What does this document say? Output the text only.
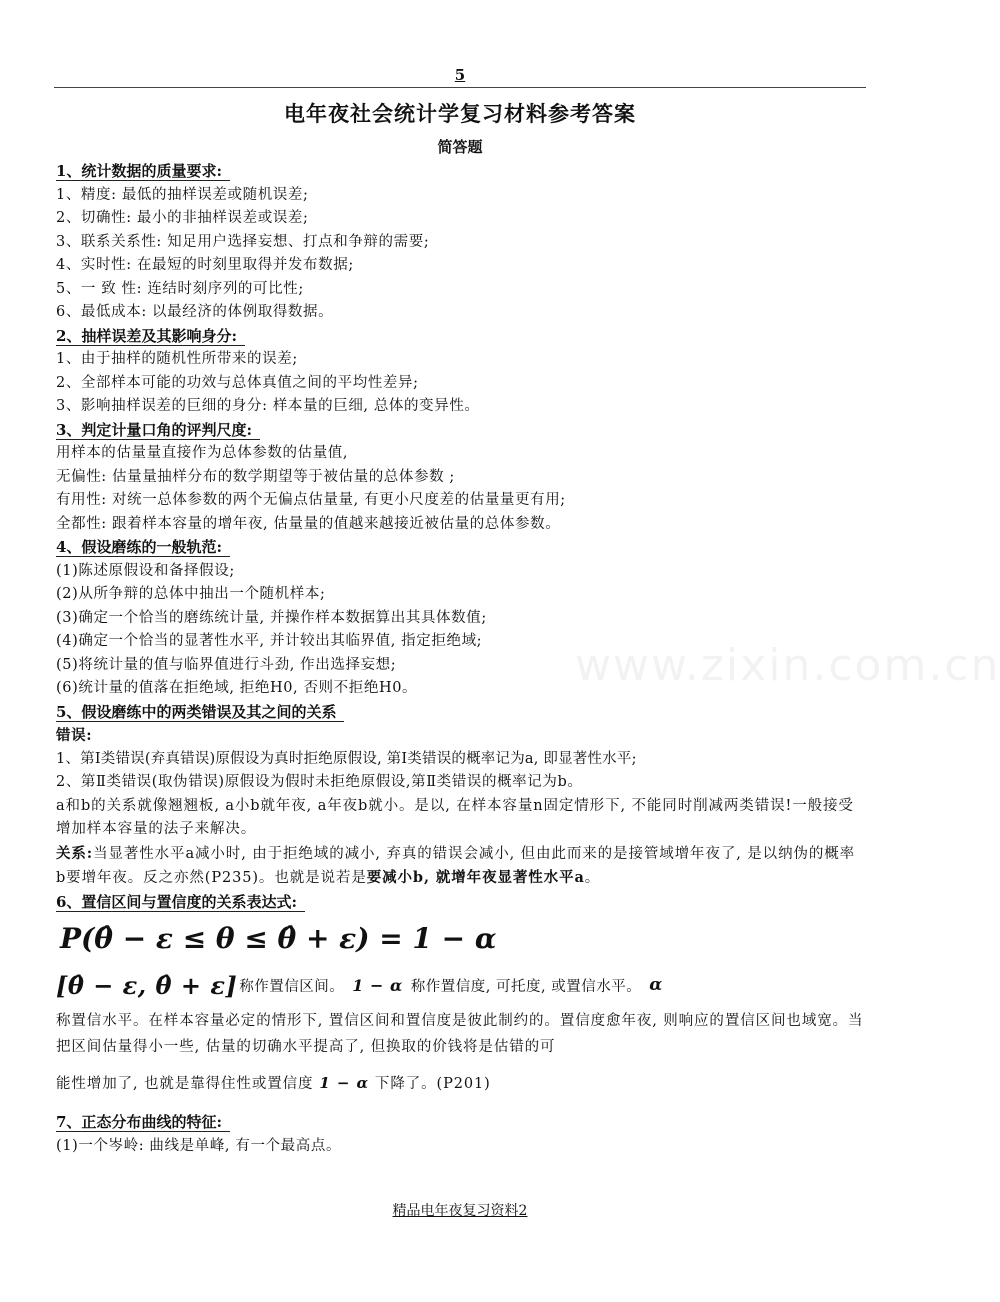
5
电年夜社会统计学复习材料参考答案
简答题
www.zixin.com.cn
1、统计数据的质量要求:
1、精度: 最低的抽样误差或随机误差;
2、切确性: 最小的非抽样误差或误差;
3、联系关系性: 知足用户选择妄想、打点和争辩的需要;
4、实时性: 在最短的时刻里取得并发布数据;
5、一 致 性: 连结时刻序列的可比性;
6、最低成本: 以最经济的体例取得数据。
2、抽样误差及其影响身分:
1、由于抽样的随机性所带来的误差;
2、全部样本可能的功效与总体真值之间的平均性差异;
3、影响抽样误差的巨细的身分: 样本量的巨细, 总体的变异性。
3、判定计量口角的评判尺度:
用样本的估量量直接作为总体参数的估量值,
无偏性: 估量量抽样分布的数学期望等于被估量的总体参数 ;
有用性: 对统一总体参数的两个无偏点估量量, 有更小尺度差的估量量更有用;
全都性: 跟着样本容量的增年夜, 估量量的值越来越接近被估量的总体参数。
4、假设磨练的一般轨范:
(1)陈述原假设和备择假设;
(2)从所争辩的总体中抽出一个随机样本;
(3)确定一个恰当的磨练统计量, 并操作样本数据算出其具体数值;
(4)确定一个恰当的显著性水平, 并计较出其临界值, 指定拒绝域;
(5)将统计量的值与临界值进行斗劲, 作出选择妄想;
(6)统计量的值落在拒绝域, 拒绝H0, 否则不拒绝H0。
5、假设磨练中的两类错误及其之间的关系
错误:
1、第Ⅰ类错误(弃真错误)原假设为真时拒绝原假设, 第Ⅰ类错误的概率记为a, 即显著性水平;
2、第Ⅱ类错误(取伪错误)原假设为假时未拒绝原假设,第Ⅱ类错误的概率记为b。
a和b的关系就像翘翘板, a小b就年夜, a年夜b就小。是以, 在样本容量n固定情形下, 不能同时削减两类错误!一般接受增加样本容量的法子来解决。
关系:当显著性水平a减小时, 由于拒绝域的减小, 弃真的错误会减小, 但由此而来的是接管域增年夜了, 是以纳伪的概率b要增年夜。反之亦然(P235)。也就是说若是要减小b, 就增年夜显著性水平a。
6、置信区间与置信度的关系表达式:
P(θ̂ − ε ≤ θ ≤ θ̂ + ε) = 1 − α
[θ̂ − ε, θ̂ + ε] 称作置信区间。 1 − α 称作置信度, 可托度, 或置信水平。 α
称置信水平。在样本容量必定的情形下, 置信区间和置信度是彼此制约的。置信度愈年夜, 则响应的置信区间也域宽。当把区间估量得小一些, 估量的切确水平提高了, 但换取的价钱将是估错的可
能性增加了, 也就是靠得住性或置信度 1 − α 下降了。(P201)
7、正态分布曲线的特征:
(1)一个岑岭: 曲线是单峰, 有一个最高点。
精品电年夜复习资料2
